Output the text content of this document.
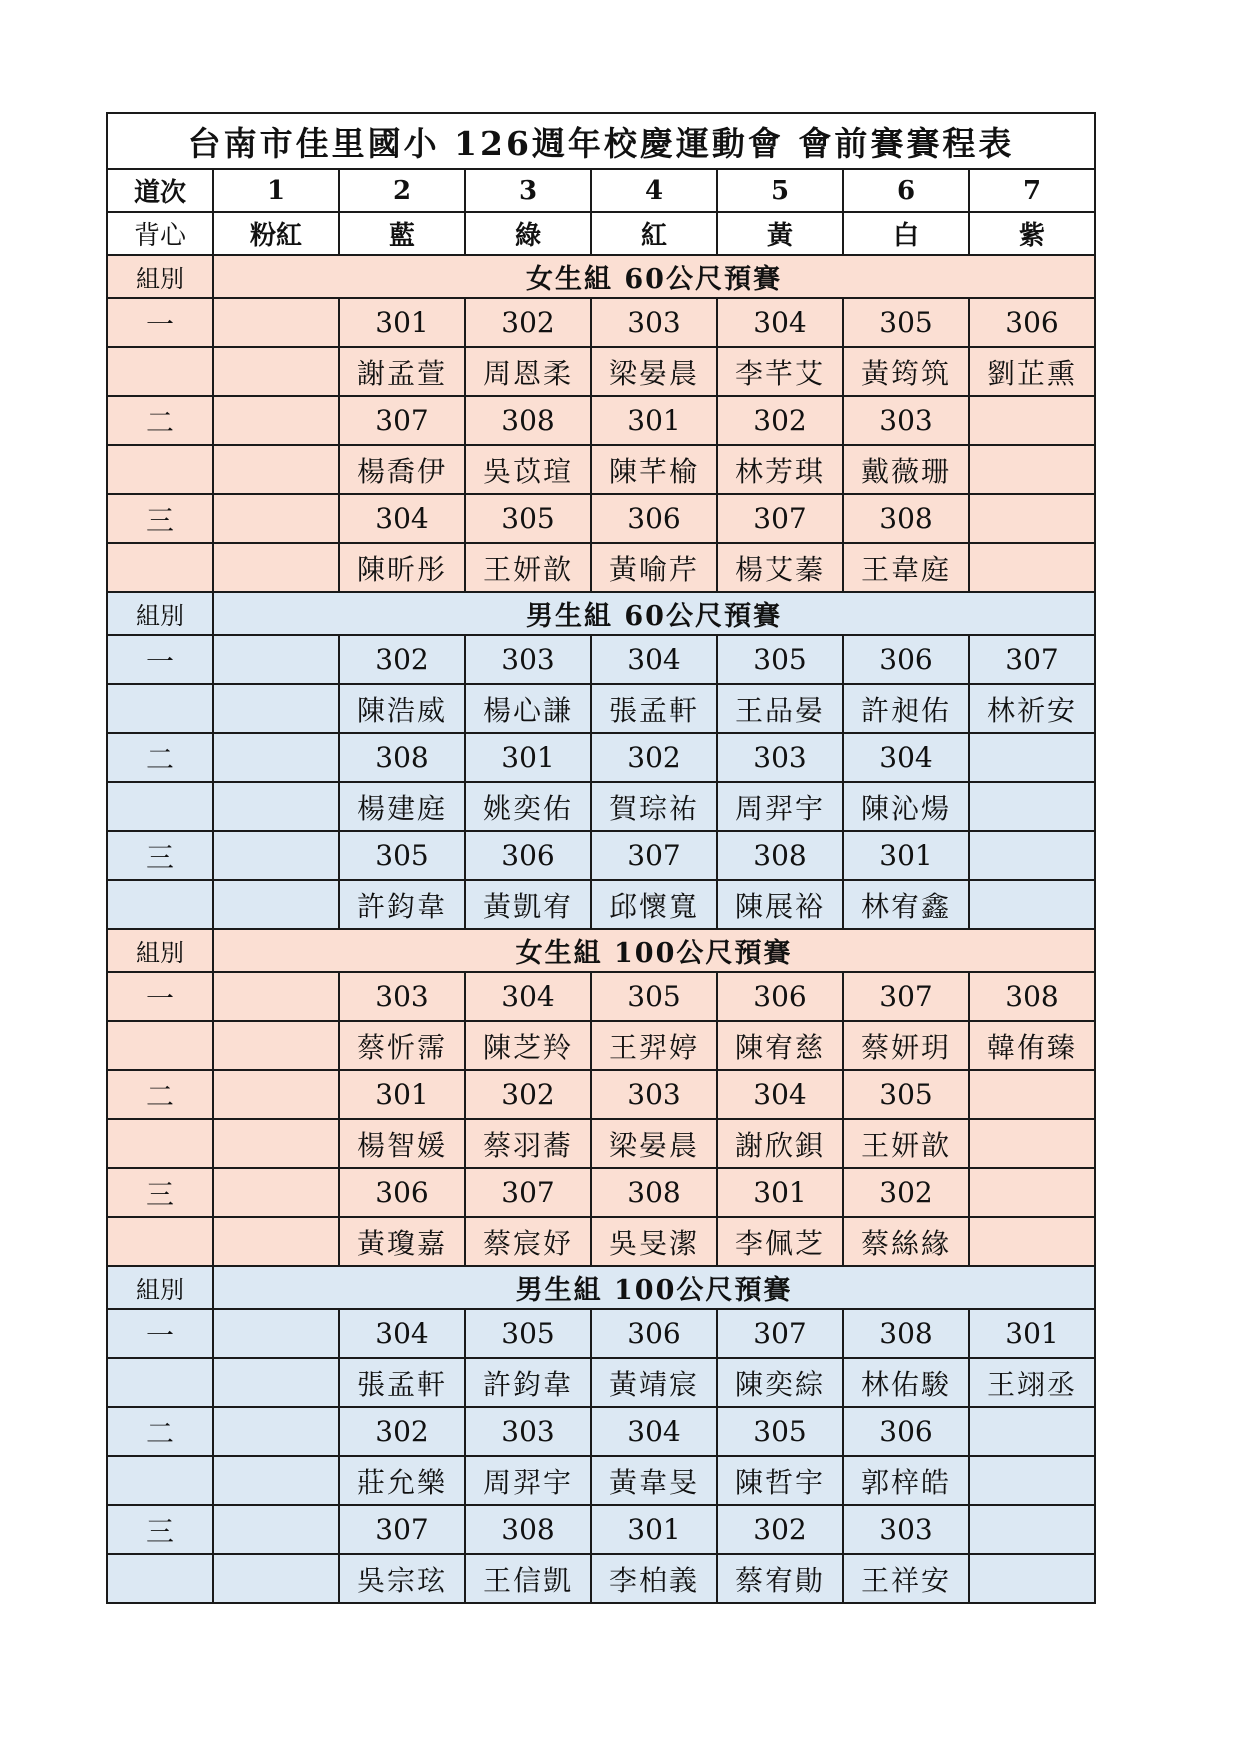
台南市佳里國小 126週年校慶運動會 會前賽賽程表							
道次	1	2	3	4	5	6	7
背心	粉紅	藍	綠	紅	黃	白	紫
組別	女生組 60公尺預賽						
一		301	302	303	304	305	306
		謝孟萱	周恩柔	梁晏晨	李芊艾	黃筠筑	劉芷熏
二		307	308	301	302	303	
		楊喬伊	吳苡瑄	陳芊榆	林芳琪	戴薇珊	
三		304	305	306	307	308	
		陳昕彤	王妍歆	黃喻芹	楊艾蓁	王韋庭	
組別	男生組 60公尺預賽						
一		302	303	304	305	306	307
		陳浩威	楊心謙	張孟軒	王品晏	許昶佑	林祈安
二		308	301	302	303	304	
		楊建庭	姚奕佑	賀琮祐	周羿宇	陳沁煬	
三		305	306	307	308	301	
		許鈞韋	黃凱宥	邱懷寬	陳展裕	林宥鑫	
組別	女生組 100公尺預賽						
一		303	304	305	306	307	308
		蔡忻霈	陳芝羚	王羿婷	陳宥慈	蔡妍玥	韓侑臻
二		301	302	303	304	305	
		楊智媛	蔡羽蕎	梁晏晨	謝欣鋇	王妍歆	
三		306	307	308	301	302	
		黃瓊嘉	蔡宸妤	吳旻潔	李佩芝	蔡絲緣	
組別	男生組 100公尺預賽						
一		304	305	306	307	308	301
		張孟軒	許鈞韋	黃靖宸	陳奕綜	林佑駿	王翊丞
二		302	303	304	305	306	
		莊允樂	周羿宇	黃韋旻	陳哲宇	郭梓皓	
三		307	308	301	302	303	
		吳宗玹	王信凱	李柏義	蔡宥勛	王祥安	
